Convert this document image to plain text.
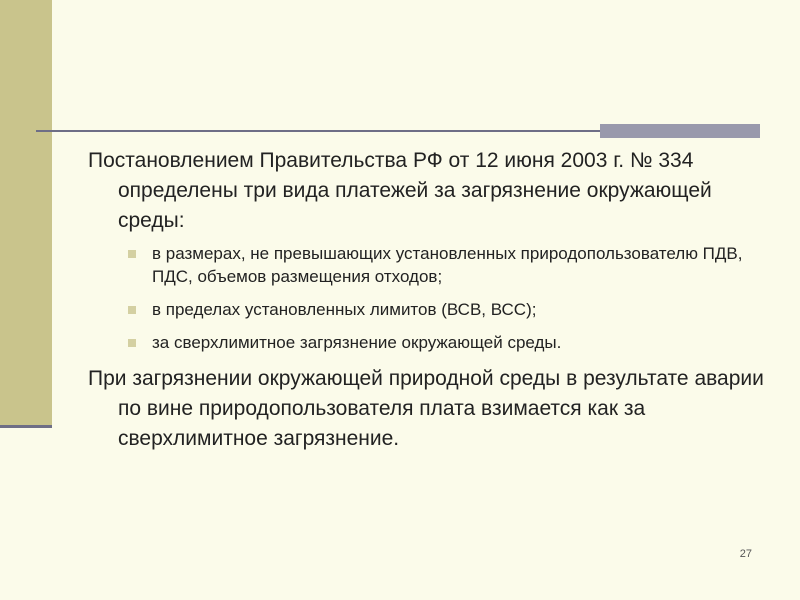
Постановлением Правительства РФ от 12 июня 2003 г. № 334 определены три вида платежей за загрязнение окружающей среды:

в размерах, не превышающих установленных природопользователю ПДВ, ПДС, объемов размещения отходов;
в пределах установленных лимитов (ВСВ, ВСС);
за сверхлимитное загрязнение окружающей среды.

При загрязнении окружающей природной среды в результате аварии по вине природопользователя плата взимается как за сверхлимитное загрязнение.

27
